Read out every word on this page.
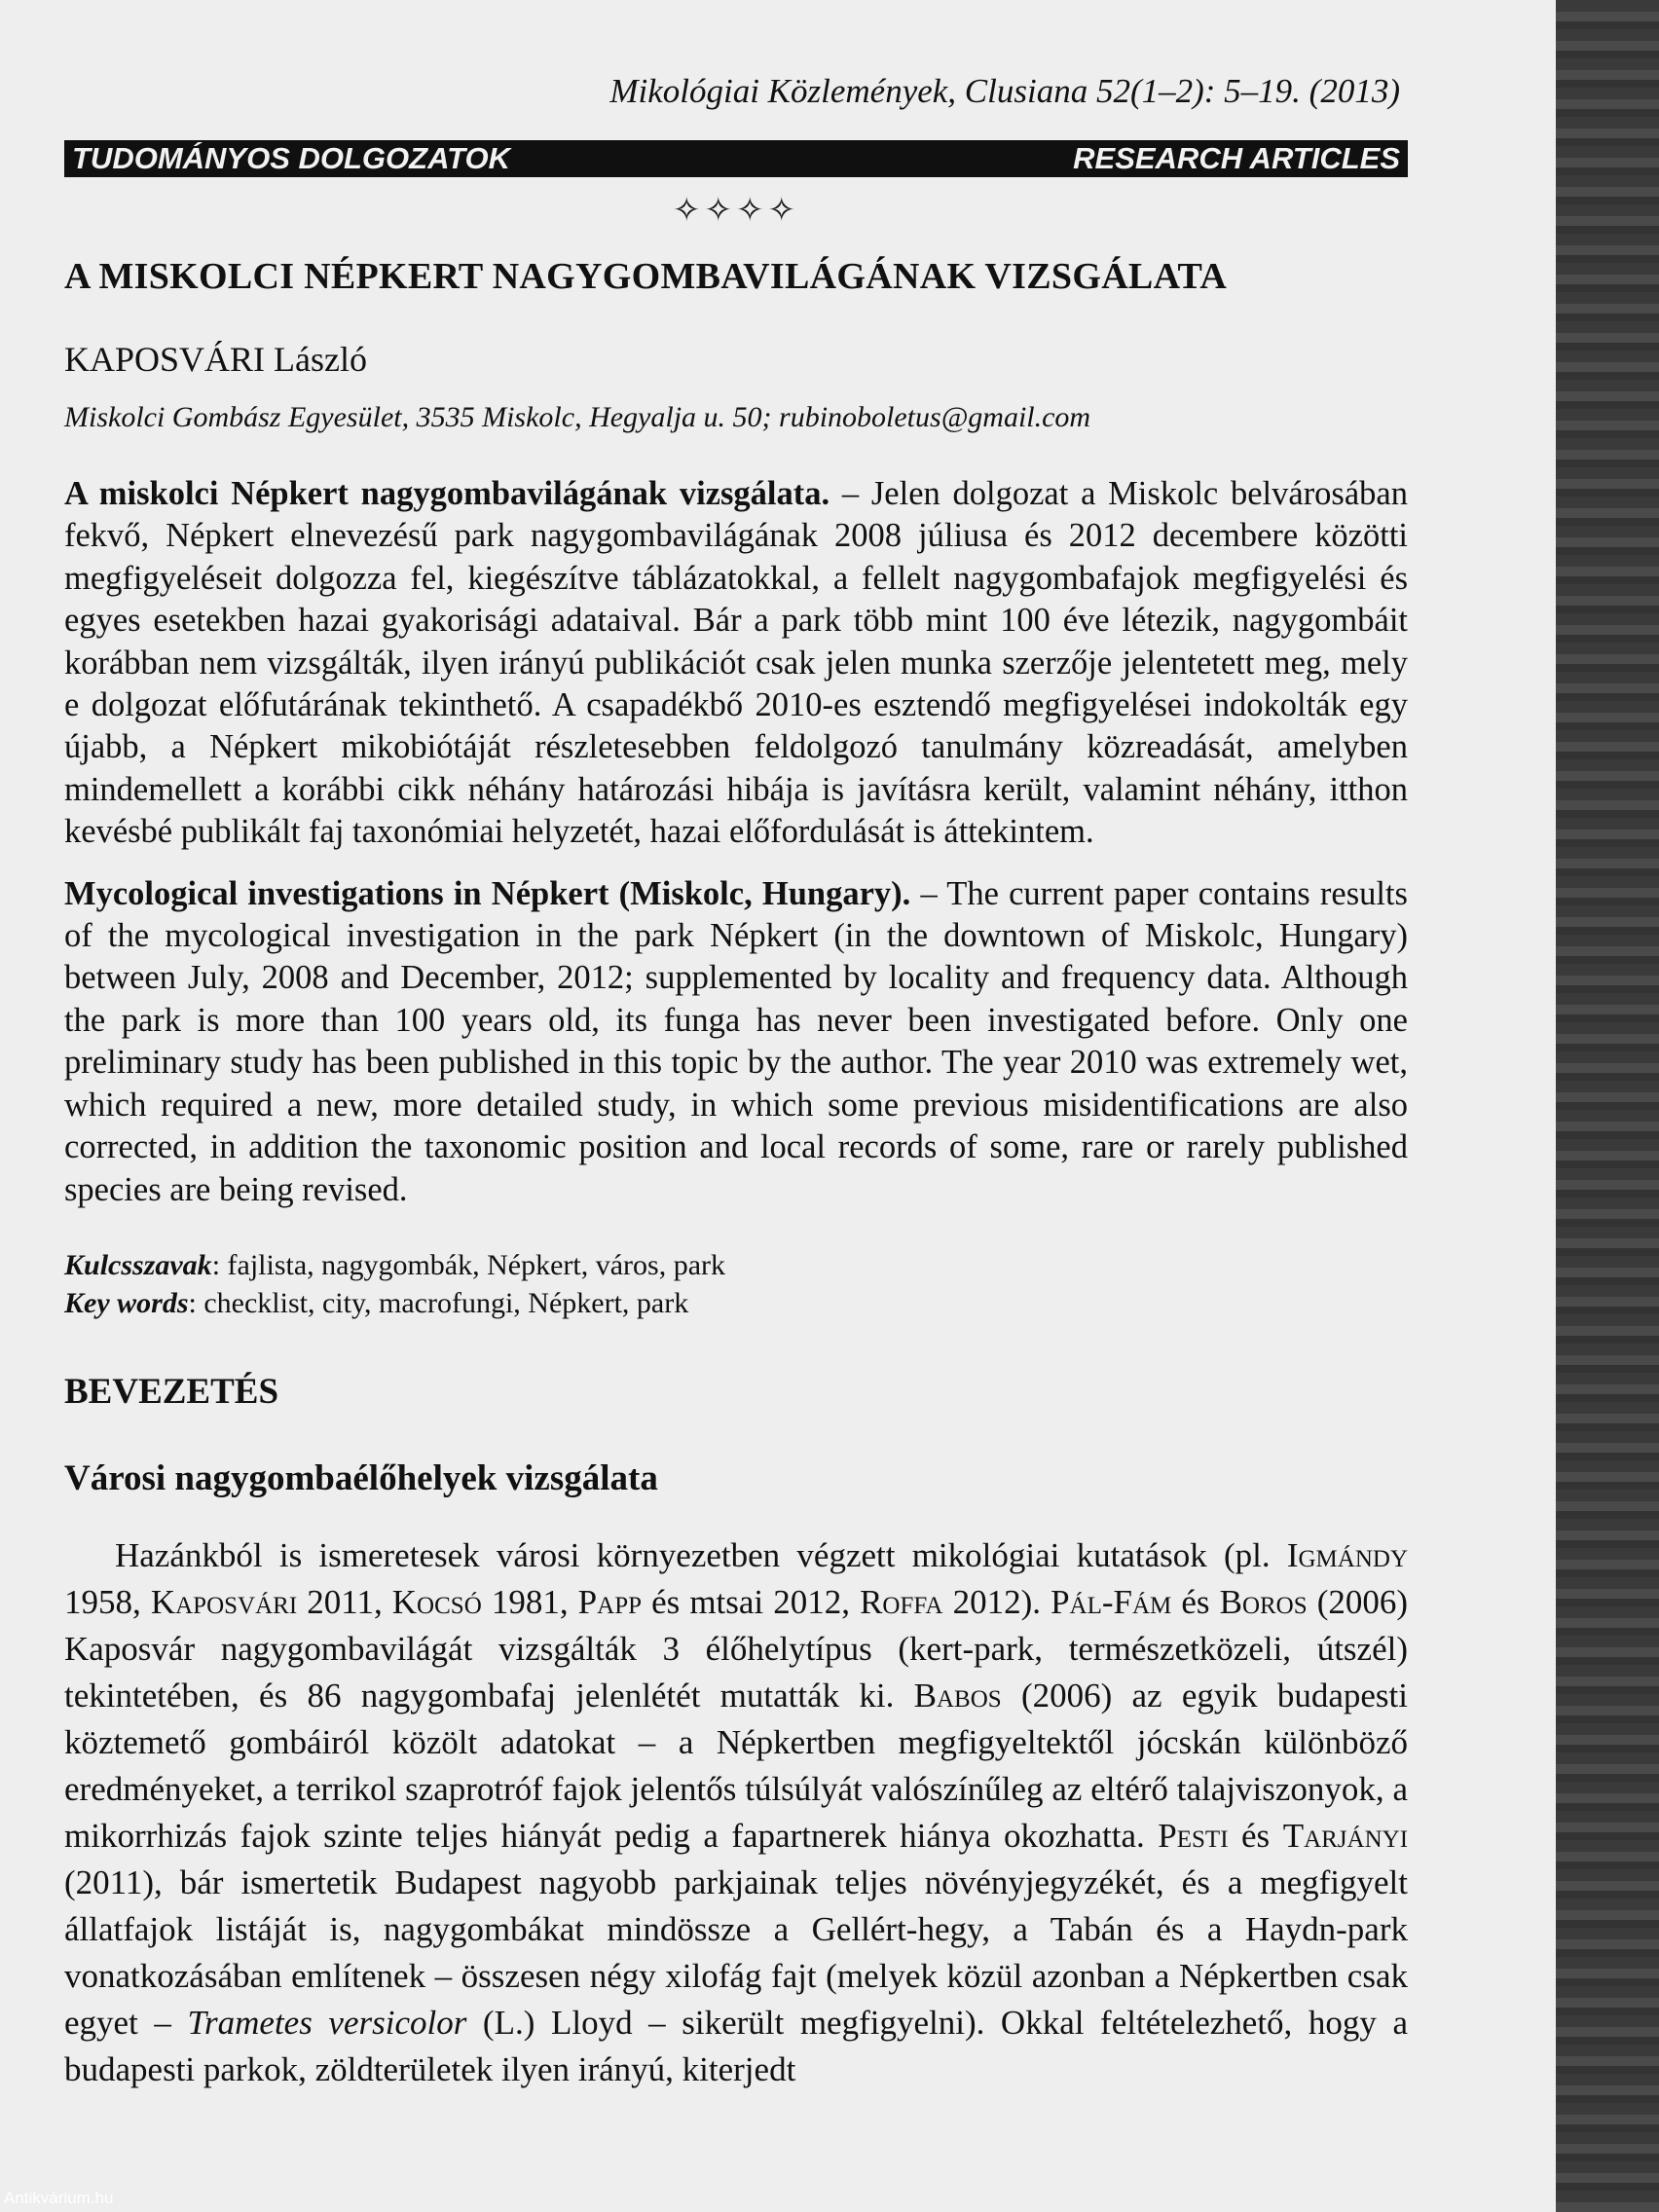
Mikológiai Közlemények, Clusiana 52(1–2): 5–19. (2013)
TUDOMÁNYOS DOLGOZATOK	RESEARCH ARTICLES
✧✧✧✧
A MISKOLCI NÉPKERT NAGYGOMBAVILÁGÁNAK VIZSGÁLATA
KAPOSVÁRI László
Miskolci Gombász Egyesület, 3535 Miskolc, Hegyalja u. 50; rubinoboletus@gmail.com

A miskolci Népkert nagygombavilágának vizsgálata. – Jelen dolgozat a Miskolc belvárosában fekvő, Népkert elnevezésű park nagygombavilágának 2008 júliusa és 2012 decembere közötti megfigyeléseit dolgozza fel, kiegészítve táblázatokkal, a fellelt nagygombafajok megfigyelési és egyes esetekben hazai gyakorisági adataival. Bár a park több mint 100 éve létezik, nagygombáit korábban nem vizsgálták, ilyen irányú publikációt csak jelen munka szerzője jelentetett meg, mely e dolgozat előfutárának tekinthető. A csapadékbő 2010-es esztendő megfigyelései indokolták egy újabb, a Népkert mikobiótáját részletesebben feldolgozó tanulmány közreadását, amelyben mindemellett a korábbi cikk néhány határozási hibája is javításra került, valamint néhány, itthon kevésbé publikált faj taxonómiai helyzetét, hazai előfordulását is áttekintem.

Mycological investigations in Népkert (Miskolc, Hungary). – The current paper contains results of the mycological investigation in the park Népkert (in the downtown of Miskolc, Hungary) between July, 2008 and December, 2012; supplemented by locality and frequency data. Although the park is more than 100 years old, its funga has never been investigated before. Only one preliminary study has been published in this topic by the author. The year 2010 was extremely wet, which required a new, more detailed study, in which some previous misidentifications are also corrected, in addition the taxonomic position and local records of some, rare or rarely published species are being revised.

Kulcsszavak: fajlista, nagygombák, Népkert, város, park
Key words: checklist, city, macrofungi, Népkert, park
BEVEZETÉS
Városi nagygombaélőhelyek vizsgálata

Hazánkból is ismeretesek városi környezetben végzett mikológiai kutatások (pl. Igmándy 1958, Kaposvári 2011, Kocsó 1981, Papp és mtsai 2012, Roffa 2012). Pál-Fám és Boros (2006) Kaposvár nagygombavilágát vizsgálták 3 élőhelytípus (kert-park, természetközeli, útszél) tekintetében, és 86 nagygombafaj jelenlétét mutatták ki. Babos (2006) az egyik budapesti köztemető gombáiról közölt adatokat – a Népkertben megfigyeltektől jócskán különböző eredményeket, a terrikol szaprotróf fajok jelentős túlsúlyát valószínűleg az eltérő talajviszonyok, a mikorrhizás fajok szinte teljes hiányát pedig a fapartnerek hiánya okozhatta. Pesti és Tarjányi (2011), bár ismertetik Budapest nagyobb parkjainak teljes növényjegyzékét, és a megfigyelt állatfajok listáját is, nagygombákat mindössze a Gellért-hegy, a Tabán és a Haydn-park vonatkozásában említenek – összesen négy xilofág fajt (melyek közül azonban a Népkertben csak egyet – Trametes versicolor (L.) Lloyd – sikerült megfigyelni). Okkal feltételezhető, hogy a budapesti parkok, zöldterületek ilyen irányú, kiterjedt

Antikvárium.hu
